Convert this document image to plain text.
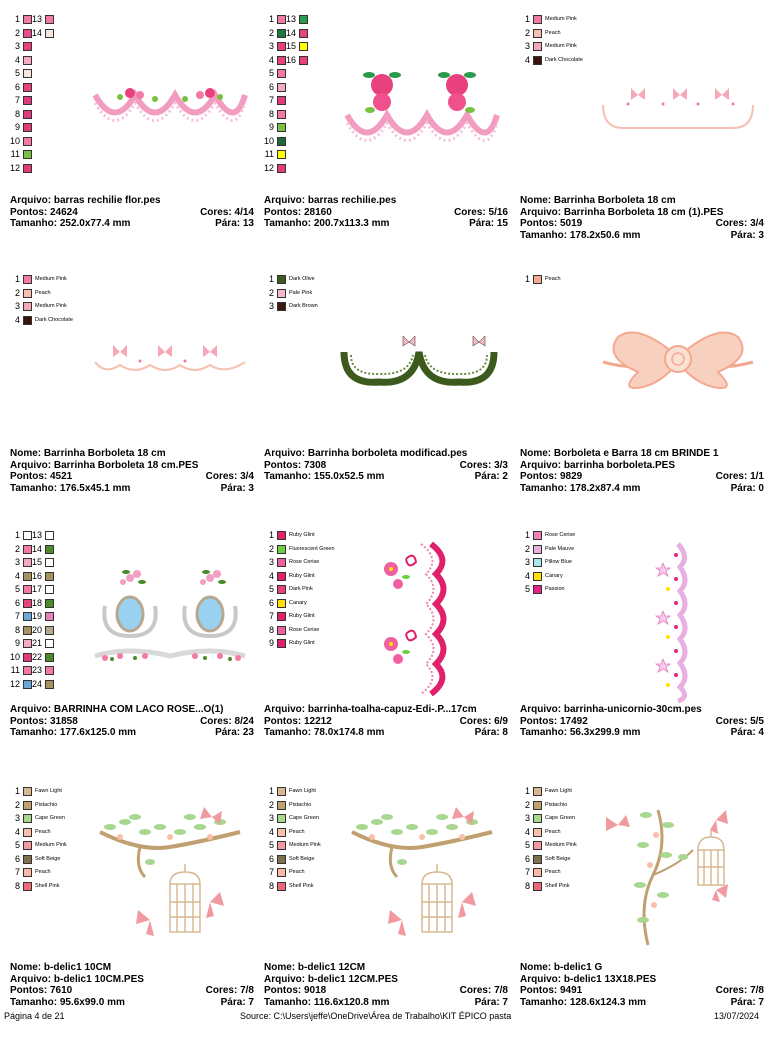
1
2
3
4
5
6
7
8
9
10
11
12
13
14
Arquivo: barras rechilie flor.pes
Pontos: 24624	Cores: 4/14
Tamanho: 252.0x77.4 mm	Pára: 13
1
2
3
4
5
6
7
8
9
10
11
12
13
14
15
16
Arquivo: barras rechilie.pes
Pontos: 28160	Cores: 5/16
Tamanho: 200.7x113.3 mm	Pára: 15
1	Medium Pink
2	Peach
3	Medium Pink
4	Dark Chocolate
Nome: Barrinha Borboleta 18 cm
Arquivo: Barrinha Borboleta 18 cm (1).PES
Pontos: 5019	Cores: 3/4
Tamanho: 178.2x50.6 mm	Pára: 3
1	Medium Pink
2	Peach
3	Medium Pink
4	Dark Chocolate
Nome: Barrinha Borboleta 18 cm
Arquivo: Barrinha Borboleta 18 cm.PES
Pontos: 4521	Cores: 3/4
Tamanho: 176.5x45.1 mm	Pára: 3
1	Dark Olive
2	Pale Pink
3	Dark Brown
Arquivo: Barrinha borboleta modificad.pes
Pontos: 7308	Cores: 3/3
Tamanho: 155.0x52.5 mm	Pára: 2
1	Peach
Nome: Borboleta e Barra 18 cm BRINDE 1
Arquivo: barrinha borboleta.PES
Pontos: 9829	Cores: 1/1
Tamanho: 178.2x87.4 mm	Pára: 0
1
2
3
4
5
6
7
8
9
10
11
12
13
14
15
16
17
18
19
20
21
22
23
24
Arquivo: BARRINHA COM LACO ROSE...O(1)
Pontos: 31858	Cores: 8/24
Tamanho: 177.6x125.0 mm	Pára: 23
1	Ruby Glint
2	Fluorescent Green
3	Rose Cerise
4	Ruby Glint
5	Dark Pink
6	Canary
7	Ruby Glint
8	Rose Cerise
9	Ruby Glint
Arquivo: barrinha-toalha-capuz-Edi-.P...17cm
Pontos: 12212	Cores: 6/9
Tamanho: 78.0x174.8 mm	Pára: 8
1	Rose Cerise
2	Pale Mauve
3	Pillow Blue
4	Canary
5	Passion
Arquivo: barrinha-unicornio-30cm.pes
Pontos: 17492	Cores: 5/5
Tamanho: 56.3x299.9 mm	Pára: 4
1	Fawn Light
2	Pistachio
3	Cape Green
4	Peach
5	Medium Pink
6	Soft Beige
7	Peach
8	Shell Pink
Nome: b-delic1 10CM
Arquivo: b-delic1 10CM.PES
Pontos: 7610	Cores: 7/8
Tamanho: 95.6x99.0 mm	Pára: 7
1	Fawn Light
2	Pistachio
3	Cape Green
4	Peach
5	Medium Pink
6	Soft Beige
7	Peach
8	Shell Pink
Nome: b-delic1 12CM
Arquivo: b-delic1 12CM.PES
Pontos: 9018	Cores: 7/8
Tamanho: 116.6x120.8 mm	Pára: 7
1	Fawn Light
2	Pistachio
3	Cape Green
4	Peach
5	Medium Pink
6	Soft Beige
7	Peach
8	Shell Pink
Nome: b-delic1 G
Arquivo: b-delic1 13X18.PES
Pontos: 9491	Cores: 7/8
Tamanho: 128.6x124.3 mm	Pára: 7
Página 4 de 21	Source: C:\Users\jeffe\OneDrive\Área de Trabalho\KIT ÉPICO pasta	13/07/2024
